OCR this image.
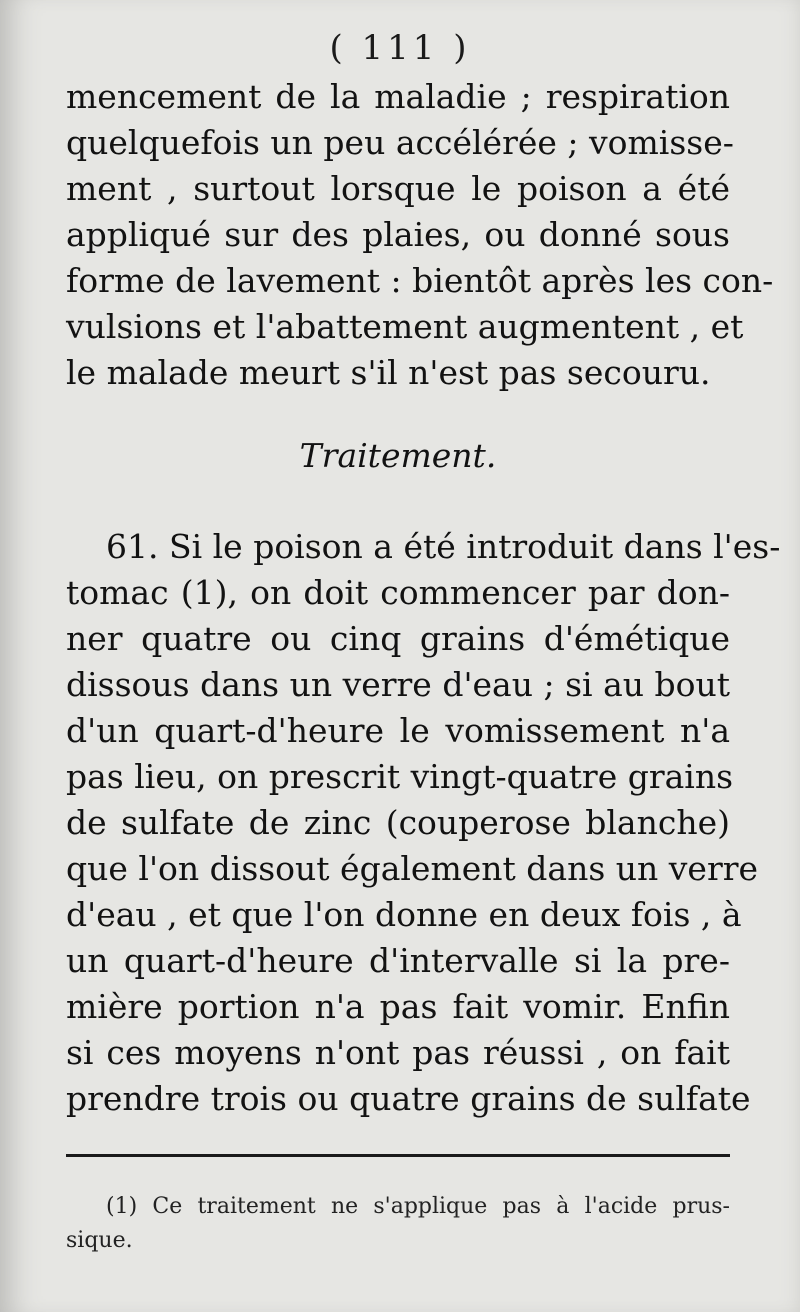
( 111 )
mencement de la maladie ; respiration
quelquefois un peu accélérée ; vomisse-
ment , surtout lorsque le poison a été
appliqué sur des plaies, ou donné sous
forme de lavement : bientôt après les con-
vulsions et l'abattement augmentent , et
le malade meurt s'il n'est pas secouru.
Traitement.
61. Si le poison a été introduit dans l'es-
tomac (1), on doit commencer par don-
ner quatre ou cinq grains d'émétique
dissous dans un verre d'eau ; si au bout
d'un quart-d'heure le vomissement n'a
pas lieu, on prescrit vingt-quatre grains
de sulfate de zinc (couperose blanche)
que l'on dissout également dans un verre
d'eau , et que l'on donne en deux fois , à
un quart-d'heure d'intervalle si la pre-
mière portion n'a pas fait vomir. Enfin
si ces moyens n'ont pas réussi , on fait
prendre trois ou quatre grains de sulfate
(1) Ce traitement ne s'applique pas à l'acide prus-
sique.
